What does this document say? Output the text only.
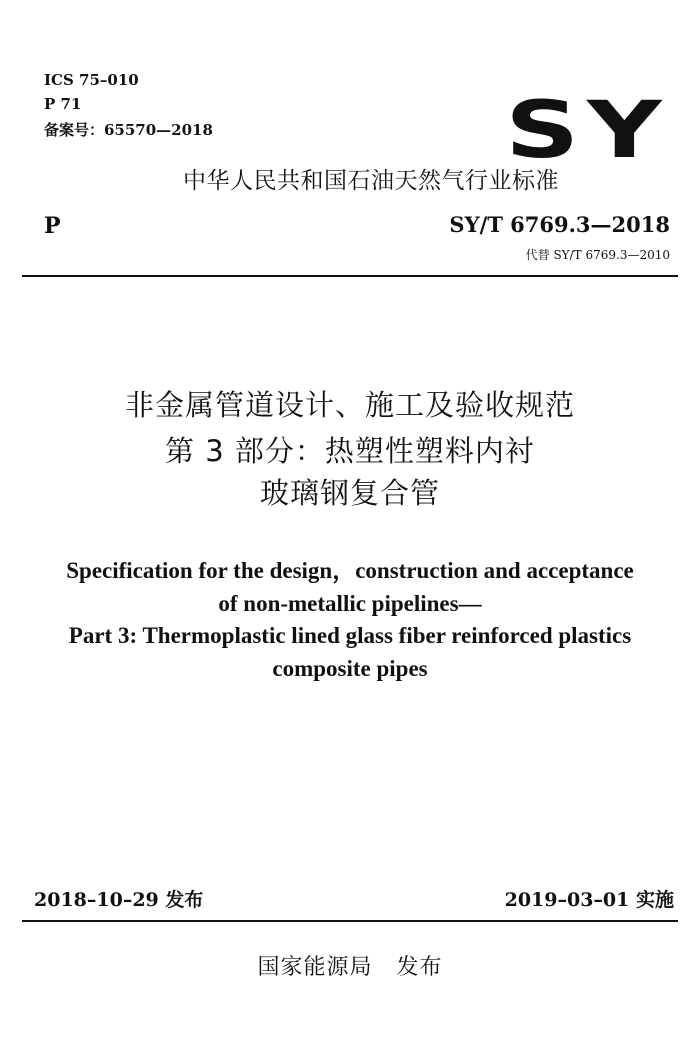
ICS 75–010
P 71
备案号：65570—2018	SY
中华人民共和国石油天然气行业标准
P	SY/T 6769.3—2018
代替 SY/T 6769.3—2010
非金属管道设计、施工及验收规范
第 3 部分：热塑性塑料内衬
玻璃钢复合管
Specification for the design，construction and acceptance
of non-metallic pipelines—
Part 3: Thermoplastic lined glass fiber reinforced plastics
composite pipes
2018–10–29 发布	2019–03–01 实施
国家能源局 发布
